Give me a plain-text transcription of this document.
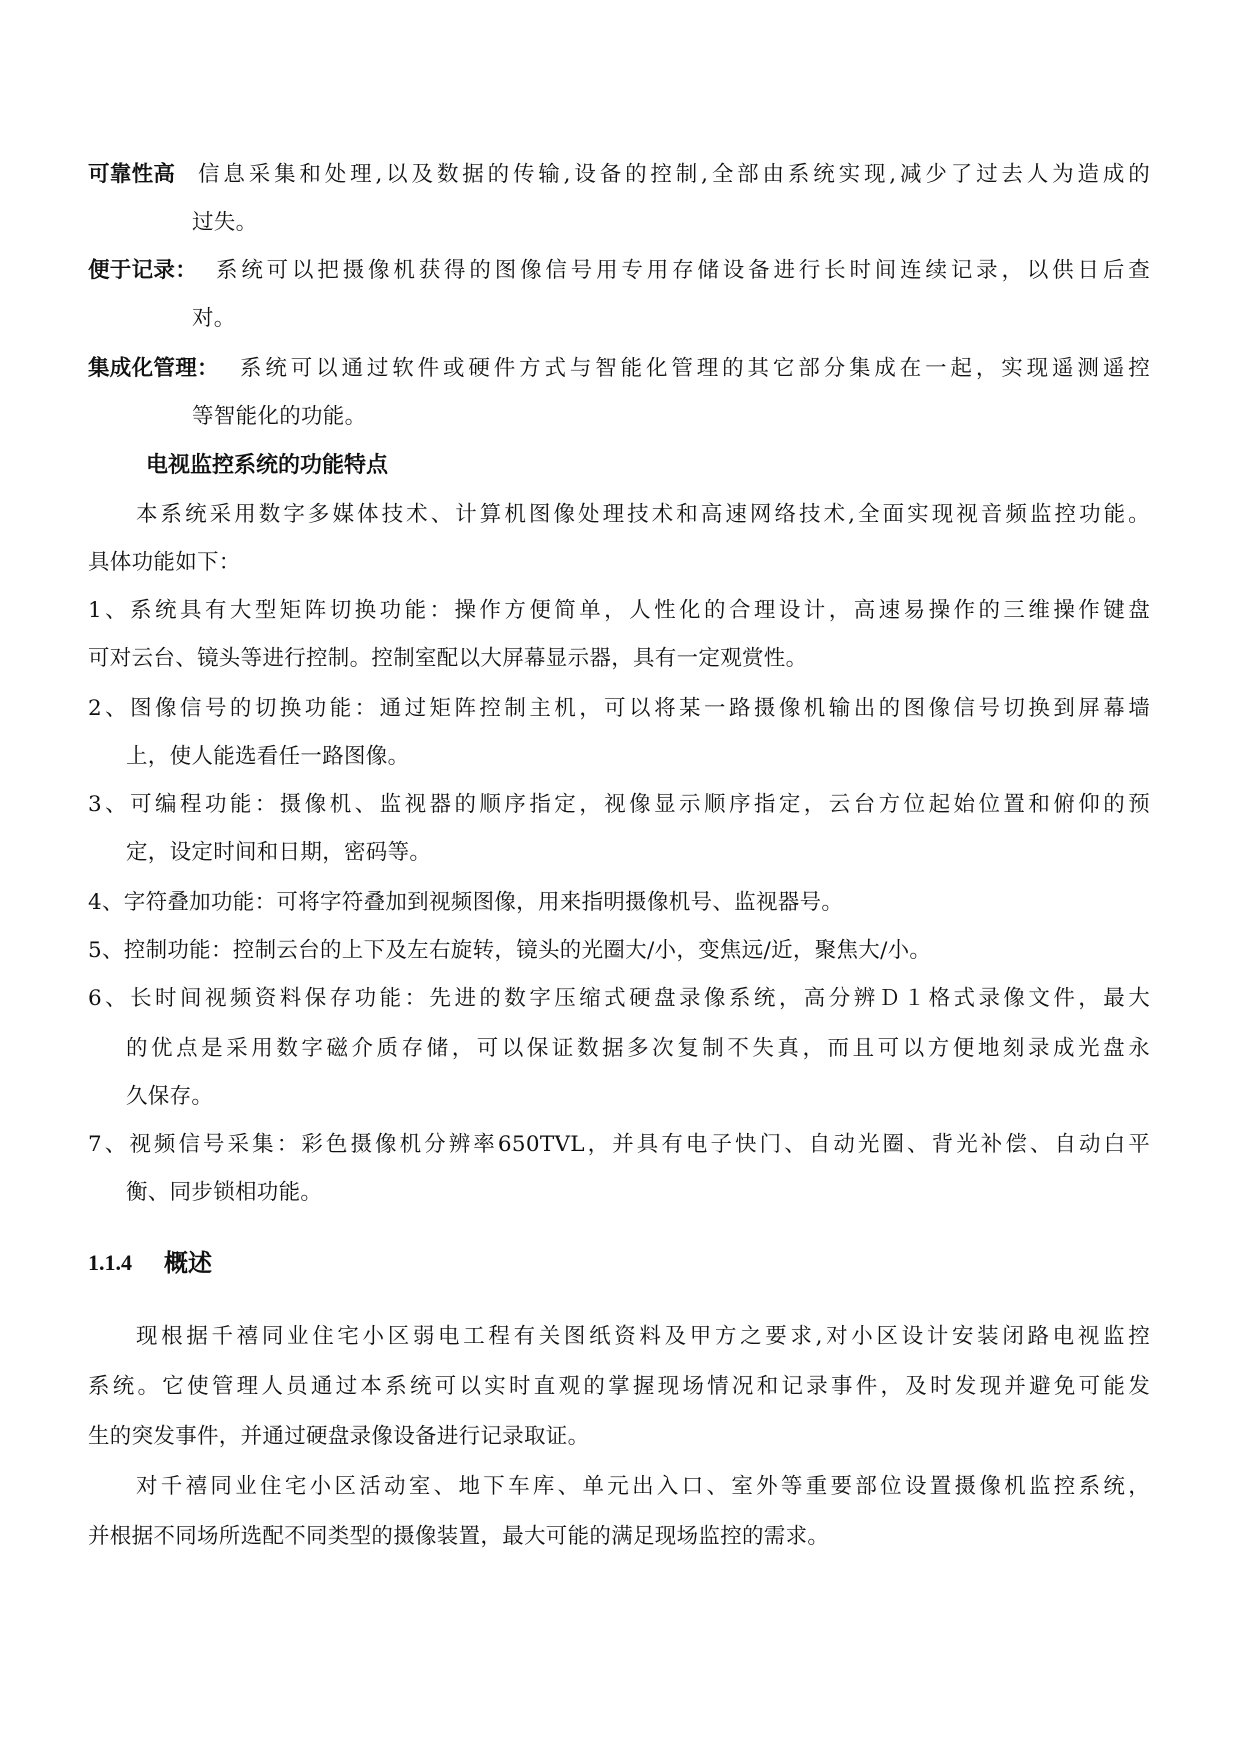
可靠性高 信息采集和处理,以及数据的传输,设备的控制,全部由系统实现,减少了过去人为造成的
过失。
便于记录： 系统可以把摄像机获得的图像信号用专用存储设备进行长时间连续记录，以供日后查
对。
集成化管理： 系统可以通过软件或硬件方式与智能化管理的其它部分集成在一起，实现遥测遥控
等智能化的功能。
电视监控系统的功能特点
本系统采用数字多媒体技术、计算机图像处理技术和高速网络技术,全面实现视音频监控功能。
具体功能如下：
1、系统具有大型矩阵切换功能：操作方便简单，人性化的合理设计，高速易操作的三维操作键盘
可对云台、镜头等进行控制。控制室配以大屏幕显示器，具有一定观赏性。
2、图像信号的切换功能：通过矩阵控制主机，可以将某一路摄像机输出的图像信号切换到屏幕墙
上，使人能选看任一路图像。
3、可编程功能：摄像机、监视器的顺序指定，视像显示顺序指定，云台方位起始位置和俯仰的预
定，设定时间和日期，密码等。
4、字符叠加功能：可将字符叠加到视频图像，用来指明摄像机号、监视器号。
5、控制功能：控制云台的上下及左右旋转，镜头的光圈大/小，变焦远/近，聚焦大/小。
6、长时间视频资料保存功能：先进的数字压缩式硬盘录像系统，高分辨Ｄ１格式录像文件，最大
的优点是采用数字磁介质存储，可以保证数据多次复制不失真，而且可以方便地刻录成光盘永
久保存。
7、视频信号采集：彩色摄像机分辨率650TVL，并具有电子快门、自动光圈、背光补偿、自动白平
衡、同步锁相功能。
1.1.4 概述
现根据千禧同业住宅小区弱电工程有关图纸资料及甲方之要求,对小区设计安装闭路电视监控
系统。它使管理人员通过本系统可以实时直观的掌握现场情况和记录事件，及时发现并避免可能发
生的突发事件，并通过硬盘录像设备进行记录取证。
对千禧同业住宅小区活动室、地下车库、单元出入口、室外等重要部位设置摄像机监控系统，
并根据不同场所选配不同类型的摄像装置，最大可能的满足现场监控的需求。
